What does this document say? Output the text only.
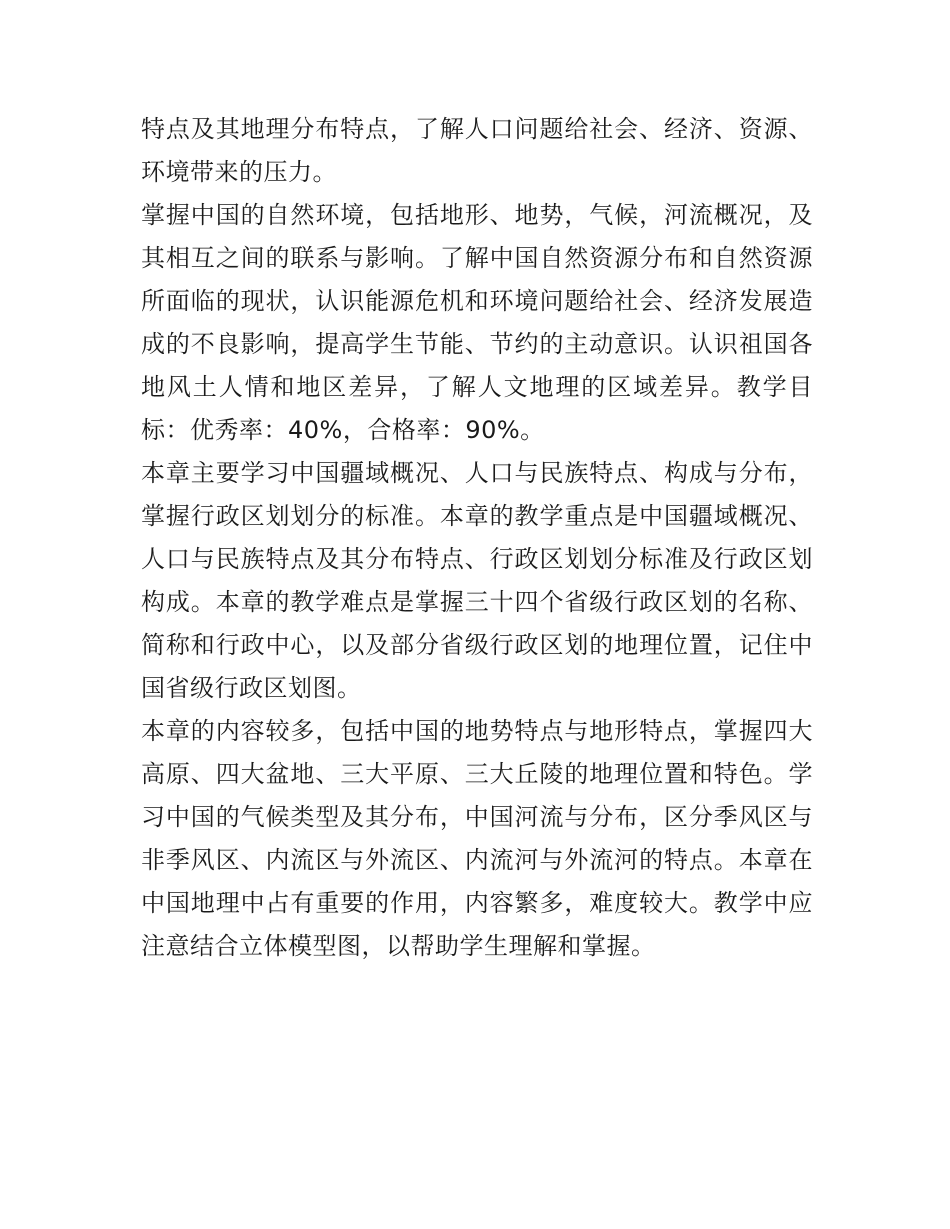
特点及其地理分布特点，了解人口问题给社会、经济、资源、环境带来的压力。

掌握中国的自然环境，包括地形、地势，气候，河流概况，及其相互之间的联系与影响。了解中国自然资源分布和自然资源所面临的现状，认识能源危机和环境问题给社会、经济发展造成的不良影响，提高学生节能、节约的主动意识。认识祖国各地风土人情和地区差异，了解人文地理的区域差异。教学目标：优秀率：40%，合格率：90%。

本章主要学习中国疆域概况、人口与民族特点、构成与分布，掌握行政区划划分的标准。本章的教学重点是中国疆域概况、人口与民族特点及其分布特点、行政区划划分标准及行政区划构成。本章的教学难点是掌握三十四个省级行政区划的名称、简称和行政中心，以及部分省级行政区划的地理位置，记住中国省级行政区划图。

本章的内容较多，包括中国的地势特点与地形特点，掌握四大高原、四大盆地、三大平原、三大丘陵的地理位置和特色。学习中国的气候类型及其分布，中国河流与分布，区分季风区与非季风区、内流区与外流区、内流河与外流河的特点。本章在中国地理中占有重要的作用，内容繁多，难度较大。教学中应注意结合立体模型图，以帮助学生理解和掌握。
